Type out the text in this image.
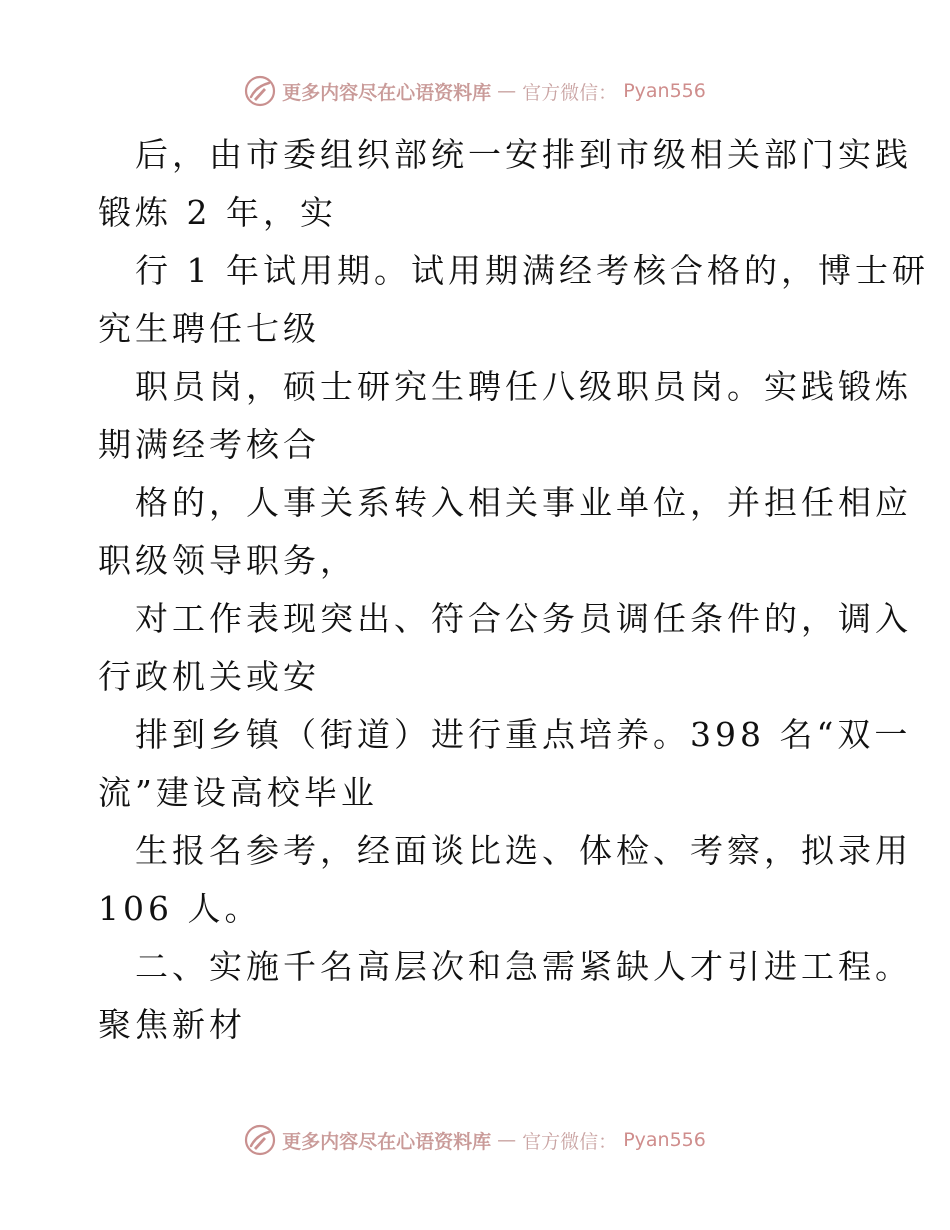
更多内容尽在心语资料库 — 官方微信： Pyan556
后，由市委组织部统一安排到市级相关部门实践
锻炼 2 年，实
行 1 年试用期。试用期满经考核合格的，博士研
究生聘任七级
职员岗，硕士研究生聘任八级职员岗。实践锻炼
期满经考核合
格的，人事关系转入相关事业单位，并担任相应
职级领导职务，
对工作表现突出、符合公务员调任条件的，调入
行政机关或安
排到乡镇（街道）进行重点培养。398 名“双一
流”建设高校毕业
生报名参考，经面谈比选、体检、考察，拟录用
106 人。
二、实施千名高层次和急需紧缺人才引进工程。
聚焦新材
更多内容尽在心语资料库 — 官方微信： Pyan556
